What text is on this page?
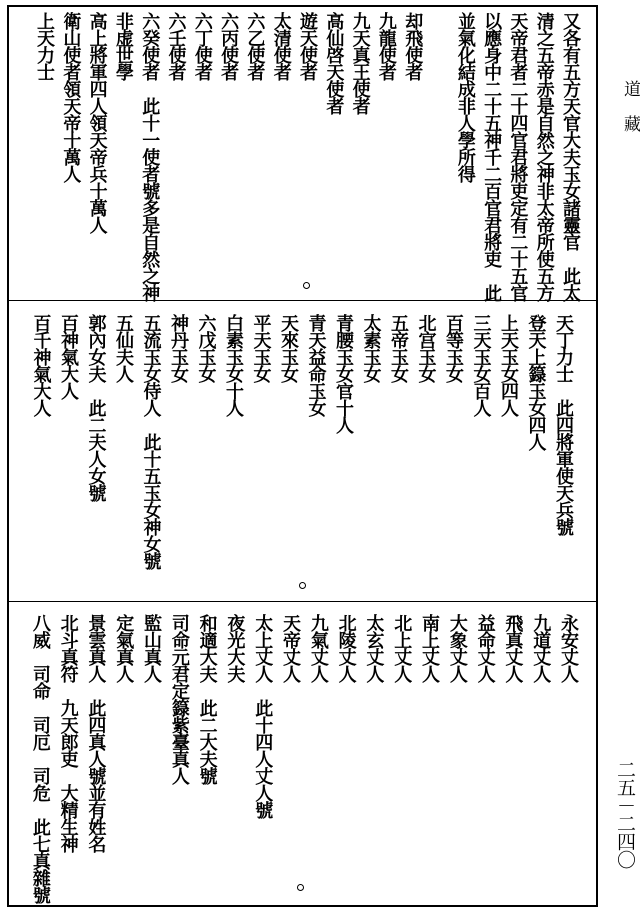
又各有五方天官大夫玉女諸靈官　此太
清之五帝赤是自然之神非太帝所使五方
天帝君者二十四官君將吏定有二十五官
以應身中二十五神千二百官君將吏　此
並氣化結成非人學所得
却飛使者
九龍使者
九天真王使者
高仙啓天使者
遊天使者
太清使者
六乙使者
六丙使者
六丁使者
六壬使者
六癸使者　此十一使者號多是自然之神
非虚世學
高上將軍四人領天帝兵十萬人
衛山使者領天帝十萬人
上天力士
天丁力士　此四將軍使天兵號
登天上籙玉女四人
上天玉女四人
三天玉女百人
百等玉女
北宫玉女
五帝玉女
太素玉女
青腰玉女官十人
青天益命玉女
天來玉女
平天玉女
白素玉女十人
六戊玉女
神丹玉女
五流玉女侍人　此十五玉女神女號
五仙夫人
郭內女夫　此二夫人女號
百神氣大人
百千神氣大人
永安丈人
九道丈人
飛真丈人
益命丈人
大象丈人
南上丈人
北上丈人
太玄丈人
北陵丈人
九氣丈人
天帝丈人
太上丈人　此十四人丈人號
夜光大夫
和適大夫　此二大夫號
司命元君定籙紫臺真人
監山真人
定氣真人
景雲真人　此四真人號並有姓名
北斗真符　九天郎吏　大精生神
八威　司命　司厄　司危　此七真雜號
道藏
二五－二四〇
